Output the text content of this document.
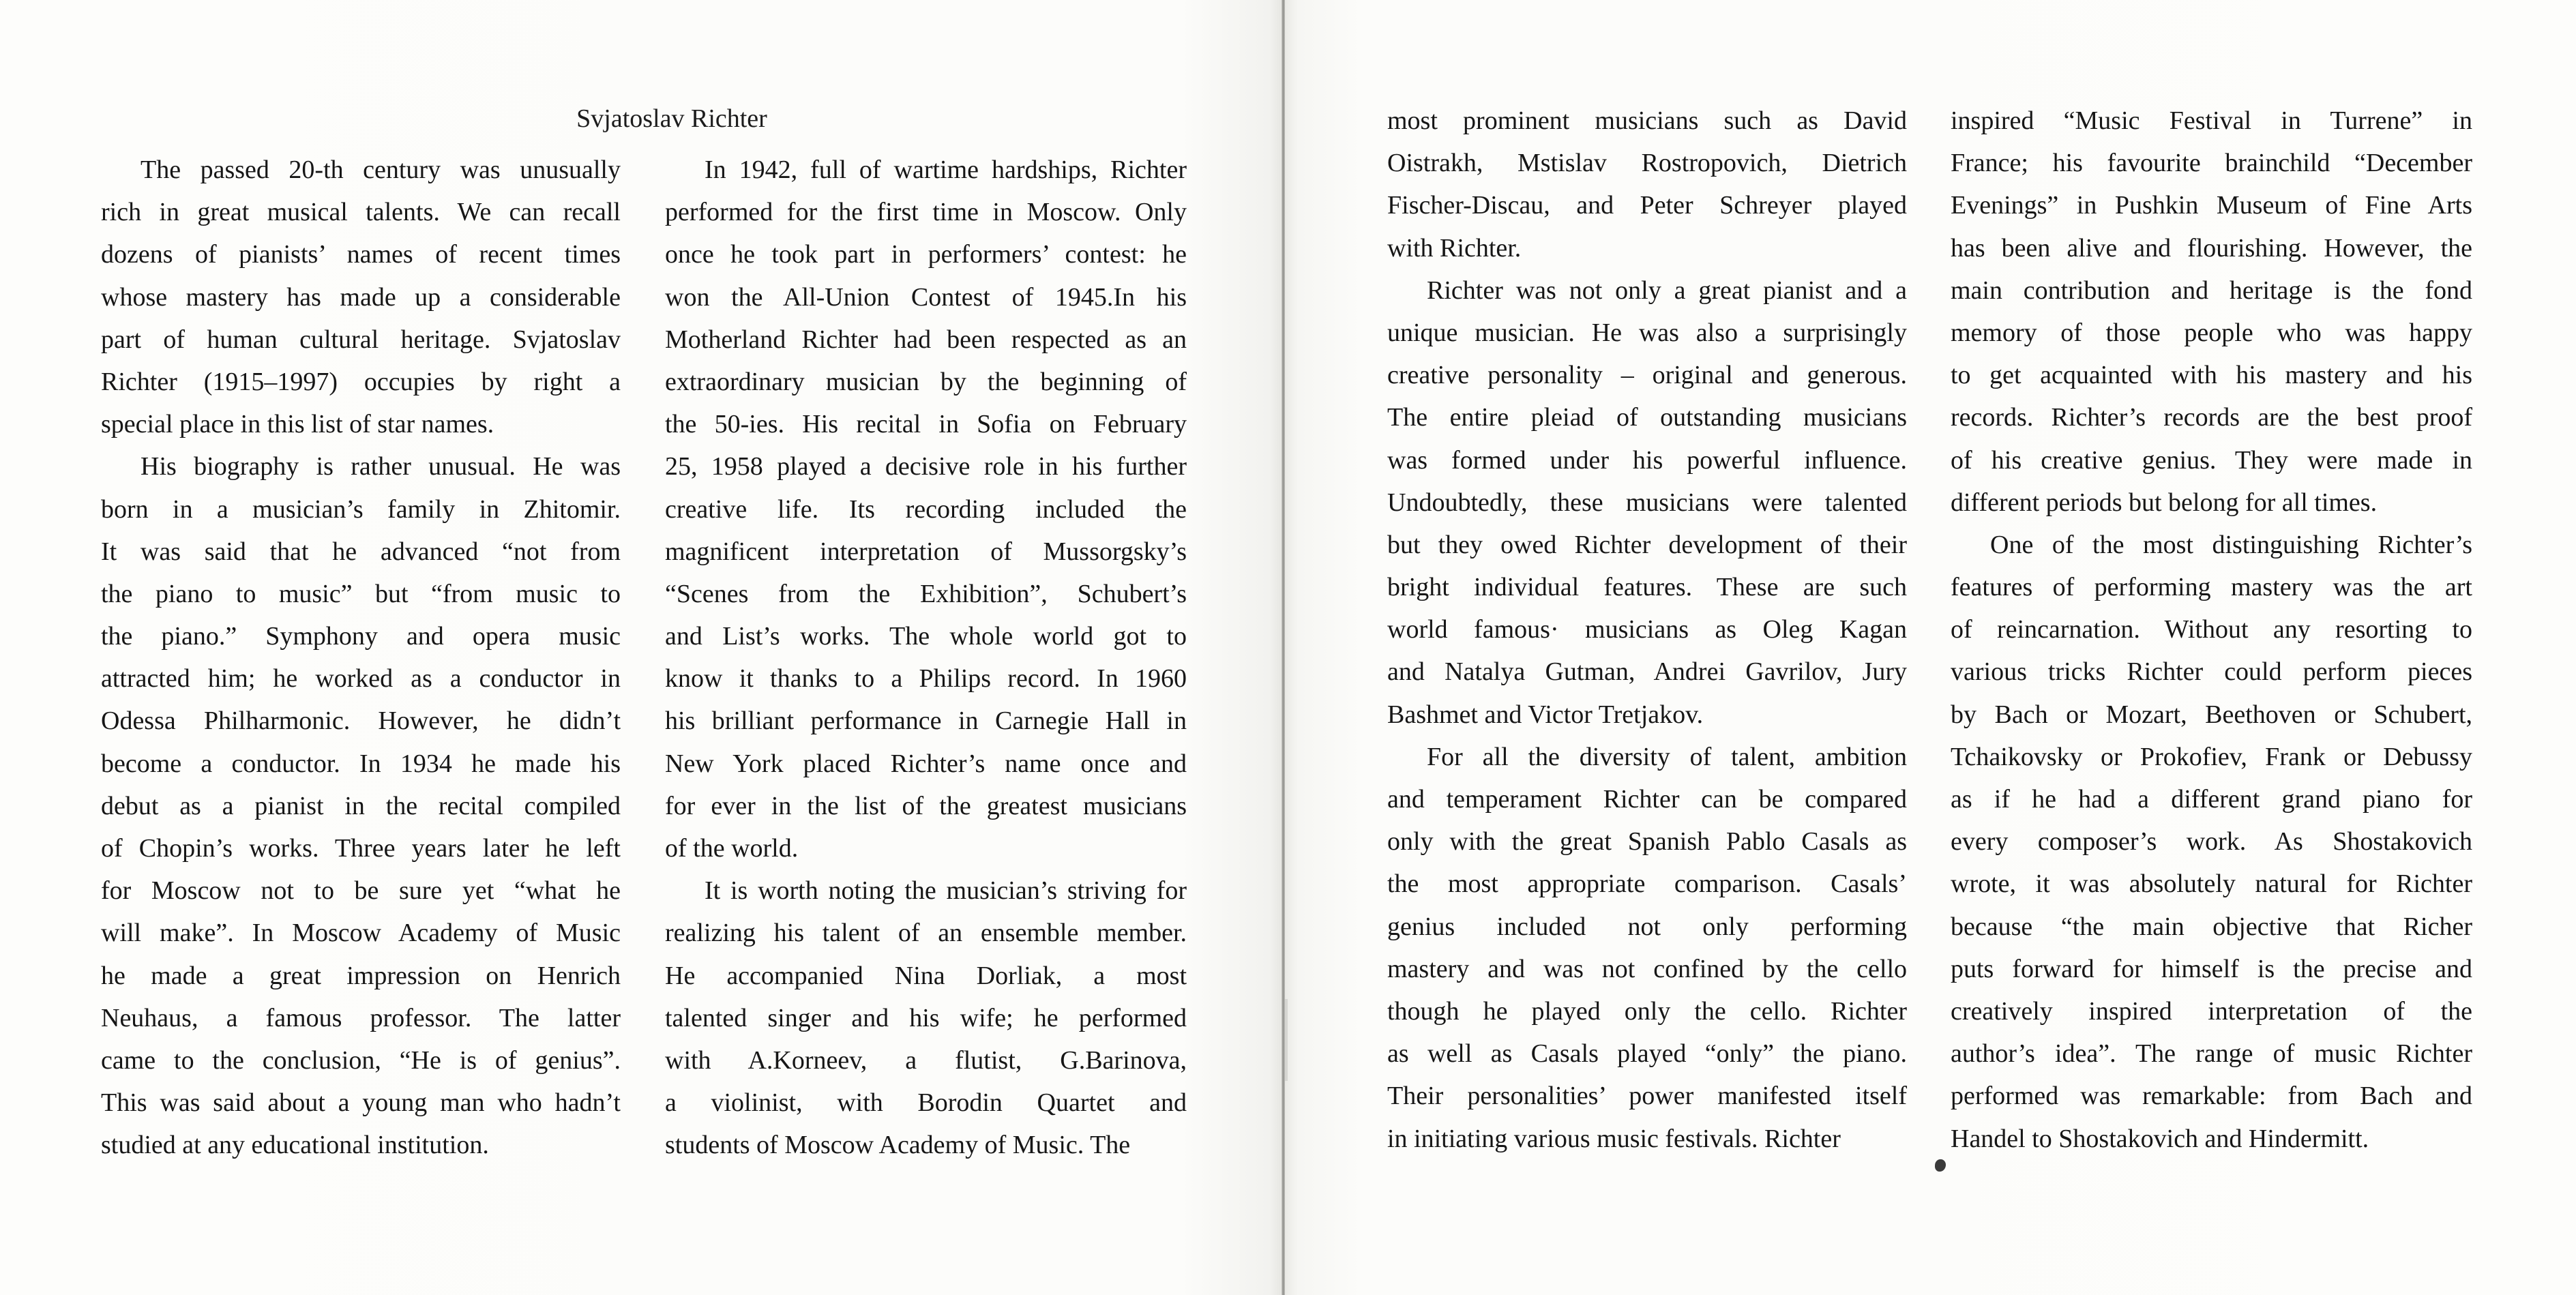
Svjatoslav Richter
The passed 20-th century was unusually
rich in great musical talents. We can recall
dozens of pianists’ names of recent times
whose mastery has made up a considerable
part of human cultural heritage. Svjatoslav
Richter (1915–1997) occupies by right a
special place in this list of star names.
His biography is rather unusual. He was
born in a musician’s family in Zhitomir.
It was said that he advanced “not from
the piano to music” but “from music to
the piano.” Symphony and opera music
attracted him; he worked as a conductor in
Odessa Philharmonic. However, he didn’t
become a conductor. In 1934 he made his
debut as a pianist in the recital compiled
of Chopin’s works. Three years later he left
for Moscow not to be sure yet “what he
will make”. In Moscow Academy of Music
he made a great impression on Henrich
Neuhaus, a famous professor. The latter
came to the conclusion, “He is of genius”.
This was said about a young man who hadn’t
studied at any educational institution.
In 1942, full of wartime hardships, Richter
performed for the first time in Moscow. Only
once he took part in performers’ contest: he
won the All-Union Contest of 1945.In his
Motherland Richter had been respected as an
extraordinary musician by the beginning of
the 50-ies. His recital in Sofia on February
25, 1958 played a decisive role in his further
creative life. Its recording included the
magnificent interpretation of Mussorgsky’s
“Scenes from the Exhibition”, Schubert’s
and List’s works. The whole world got to
know it thanks to a Philips record. In 1960
his brilliant performance in Carnegie Hall in
New York placed Richter’s name once and
for ever in the list of the greatest musicians
of the world.
It is worth noting the musician’s striving for
realizing his talent of an ensemble member.
He accompanied Nina Dorliak, a most
talented singer and his wife; he performed
with A.Korneev, a flutist, G.Barinova,
a violinist, with Borodin Quartet and
students of Moscow Academy of Music. The
most prominent musicians such as David
Oistrakh, Mstislav Rostropovich, Dietrich
Fischer-Discau, and Peter Schreyer played
with Richter.
Richter was not only a great pianist and a
unique musician. He was also a surprisingly
creative personality – original and generous.
The entire pleiad of outstanding musicians
was formed under his powerful influence.
Undoubtedly, these musicians were talented
but they owed Richter development of their
bright individual features. These are such
world famous· musicians as Oleg Kagan
and Natalya Gutman, Andrei Gavrilov, Jury
Bashmet and Victor Tretjakov.
For all the diversity of talent, ambition
and temperament Richter can be compared
only with the great Spanish Pablo Casals as
the most appropriate comparison. Casals’
genius included not only performing
mastery and was not confined by the cello
though he played only the cello. Richter
as well as Casals played “only” the piano.
Their personalities’ power manifested itself
in initiating various music festivals. Richter
inspired “Music Festival in Turrene” in
France; his favourite brainchild “December
Evenings” in Pushkin Museum of Fine Arts
has been alive and flourishing. However, the
main contribution and heritage is the fond
memory of those people who was happy
to get acquainted with his mastery and his
records. Richter’s records are the best proof
of his creative genius. They were made in
different periods but belong for all times.
One of the most distinguishing Richter’s
features of performing mastery was the art
of reincarnation. Without any resorting to
various tricks Richter could perform pieces
by Bach or Mozart, Beethoven or Schubert,
Tchaikovsky or Prokofiev, Frank or Debussy
as if he had a different grand piano for
every composer’s work. As Shostakovich
wrote, it was absolutely natural for Richter
because “the main objective that Richer
puts forward for himself is the precise and
creatively inspired interpretation of the
author’s idea”. The range of music Richter
performed was remarkable: from Bach and
Handel to Shostakovich and Hindermitt.
